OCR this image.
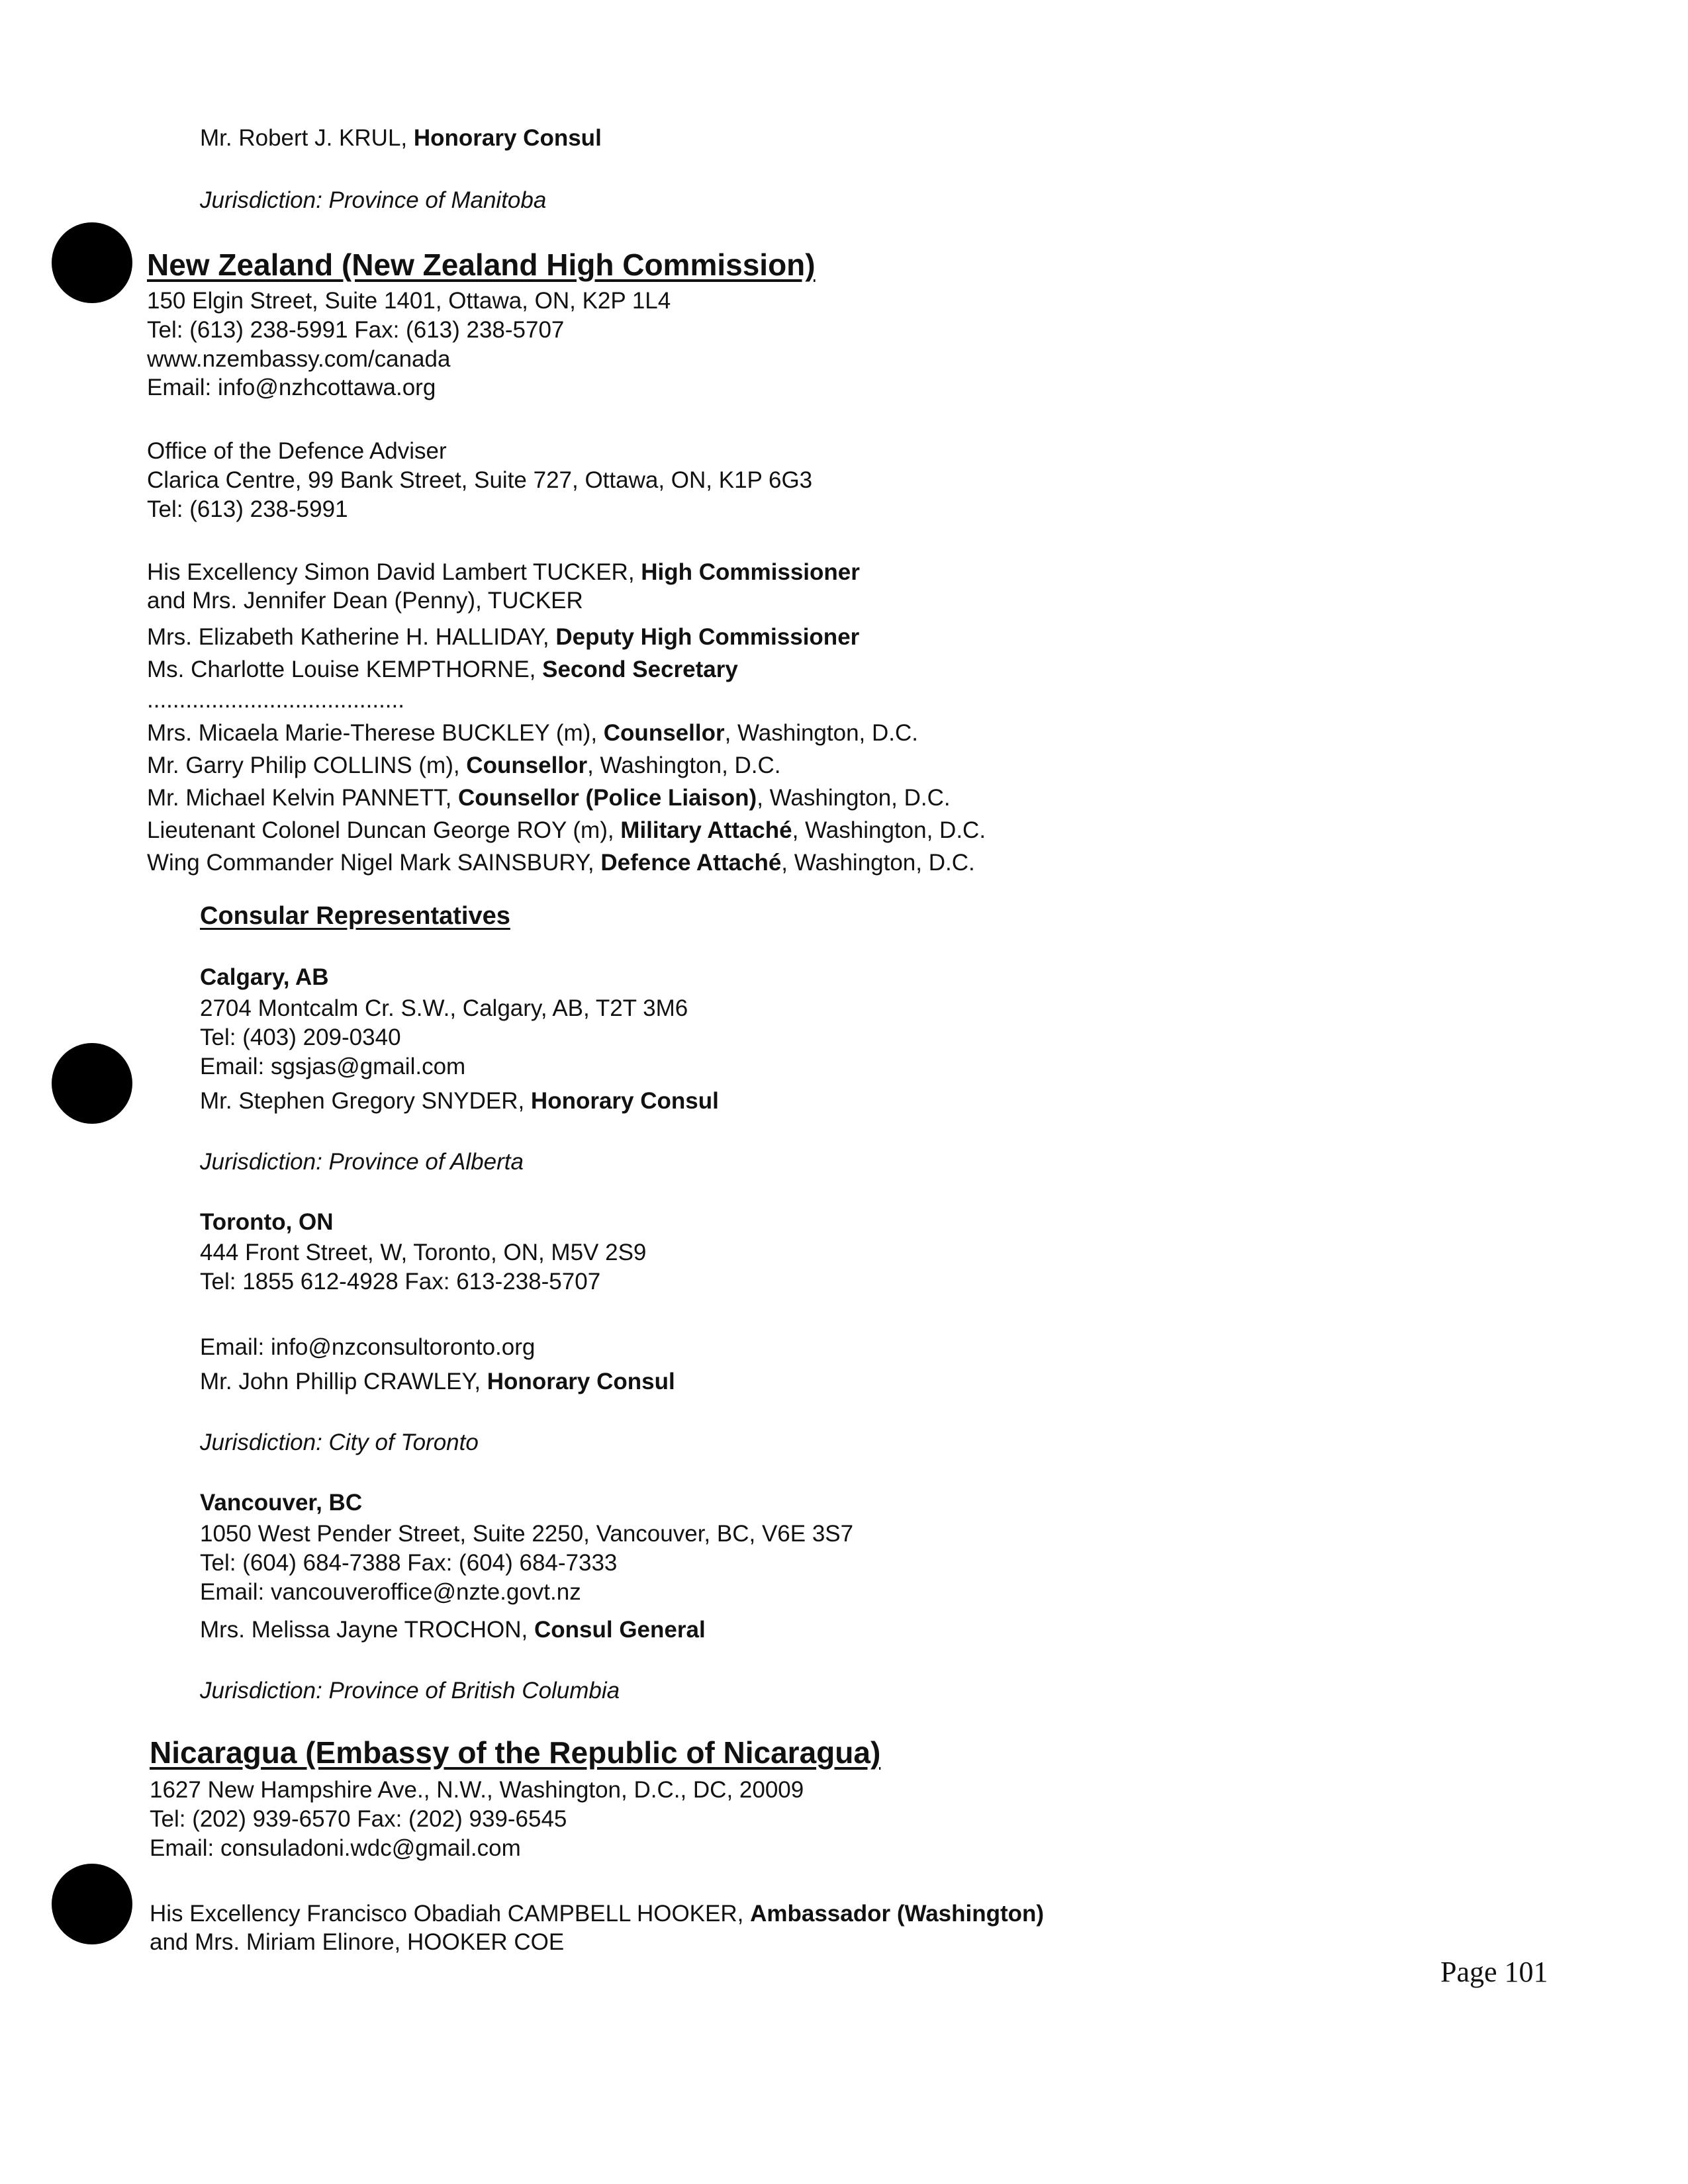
Mr. Robert J. KRUL, Honorary Consul
Jurisdiction: Province of Manitoba
New Zealand (New Zealand High Commission)
150 Elgin Street, Suite 1401, Ottawa, ON, K2P 1L4
Tel: (613) 238-5991 Fax: (613) 238-5707
www.nzembassy.com/canada
Email: info@nzhcottawa.org
Office of the Defence Adviser
Clarica Centre, 99 Bank Street, Suite 727, Ottawa, ON, K1P 6G3
Tel: (613) 238-5991
His Excellency Simon David Lambert TUCKER, High Commissioner
and Mrs. Jennifer Dean (Penny), TUCKER
Mrs. Elizabeth Katherine H. HALLIDAY, Deputy High Commissioner
Ms. Charlotte Louise KEMPTHORNE, Second Secretary
........................................
Mrs. Micaela Marie-Therese BUCKLEY (m), Counsellor, Washington, D.C.
Mr. Garry Philip COLLINS (m), Counsellor, Washington, D.C.
Mr. Michael Kelvin PANNETT, Counsellor (Police Liaison), Washington, D.C.
Lieutenant Colonel Duncan George ROY (m), Military Attaché, Washington, D.C.
Wing Commander Nigel Mark SAINSBURY, Defence Attaché, Washington, D.C.
Consular Representatives
Calgary, AB
2704 Montcalm Cr. S.W., Calgary, AB, T2T 3M6
Tel: (403) 209-0340
Email: sgsjas@gmail.com
Mr. Stephen Gregory SNYDER, Honorary Consul
Jurisdiction: Province of Alberta
Toronto, ON
444 Front Street, W, Toronto, ON, M5V 2S9
Tel: 1855 612-4928 Fax: 613-238-5707
Email: info@nzconsultoronto.org
Mr. John Phillip CRAWLEY, Honorary Consul
Jurisdiction: City of Toronto
Vancouver, BC
1050 West Pender Street, Suite 2250, Vancouver, BC, V6E 3S7
Tel: (604) 684-7388 Fax: (604) 684-7333
Email: vancouveroffice@nzte.govt.nz
Mrs. Melissa Jayne TROCHON, Consul General
Jurisdiction: Province of British Columbia
Nicaragua (Embassy of the Republic of Nicaragua)
1627 New Hampshire Ave., N.W., Washington, D.C., DC, 20009
Tel: (202) 939-6570 Fax: (202) 939-6545
Email: consuladoni.wdc@gmail.com
His Excellency Francisco Obadiah CAMPBELL HOOKER, Ambassador (Washington)
and Mrs. Miriam Elinore, HOOKER COE
Page 101
